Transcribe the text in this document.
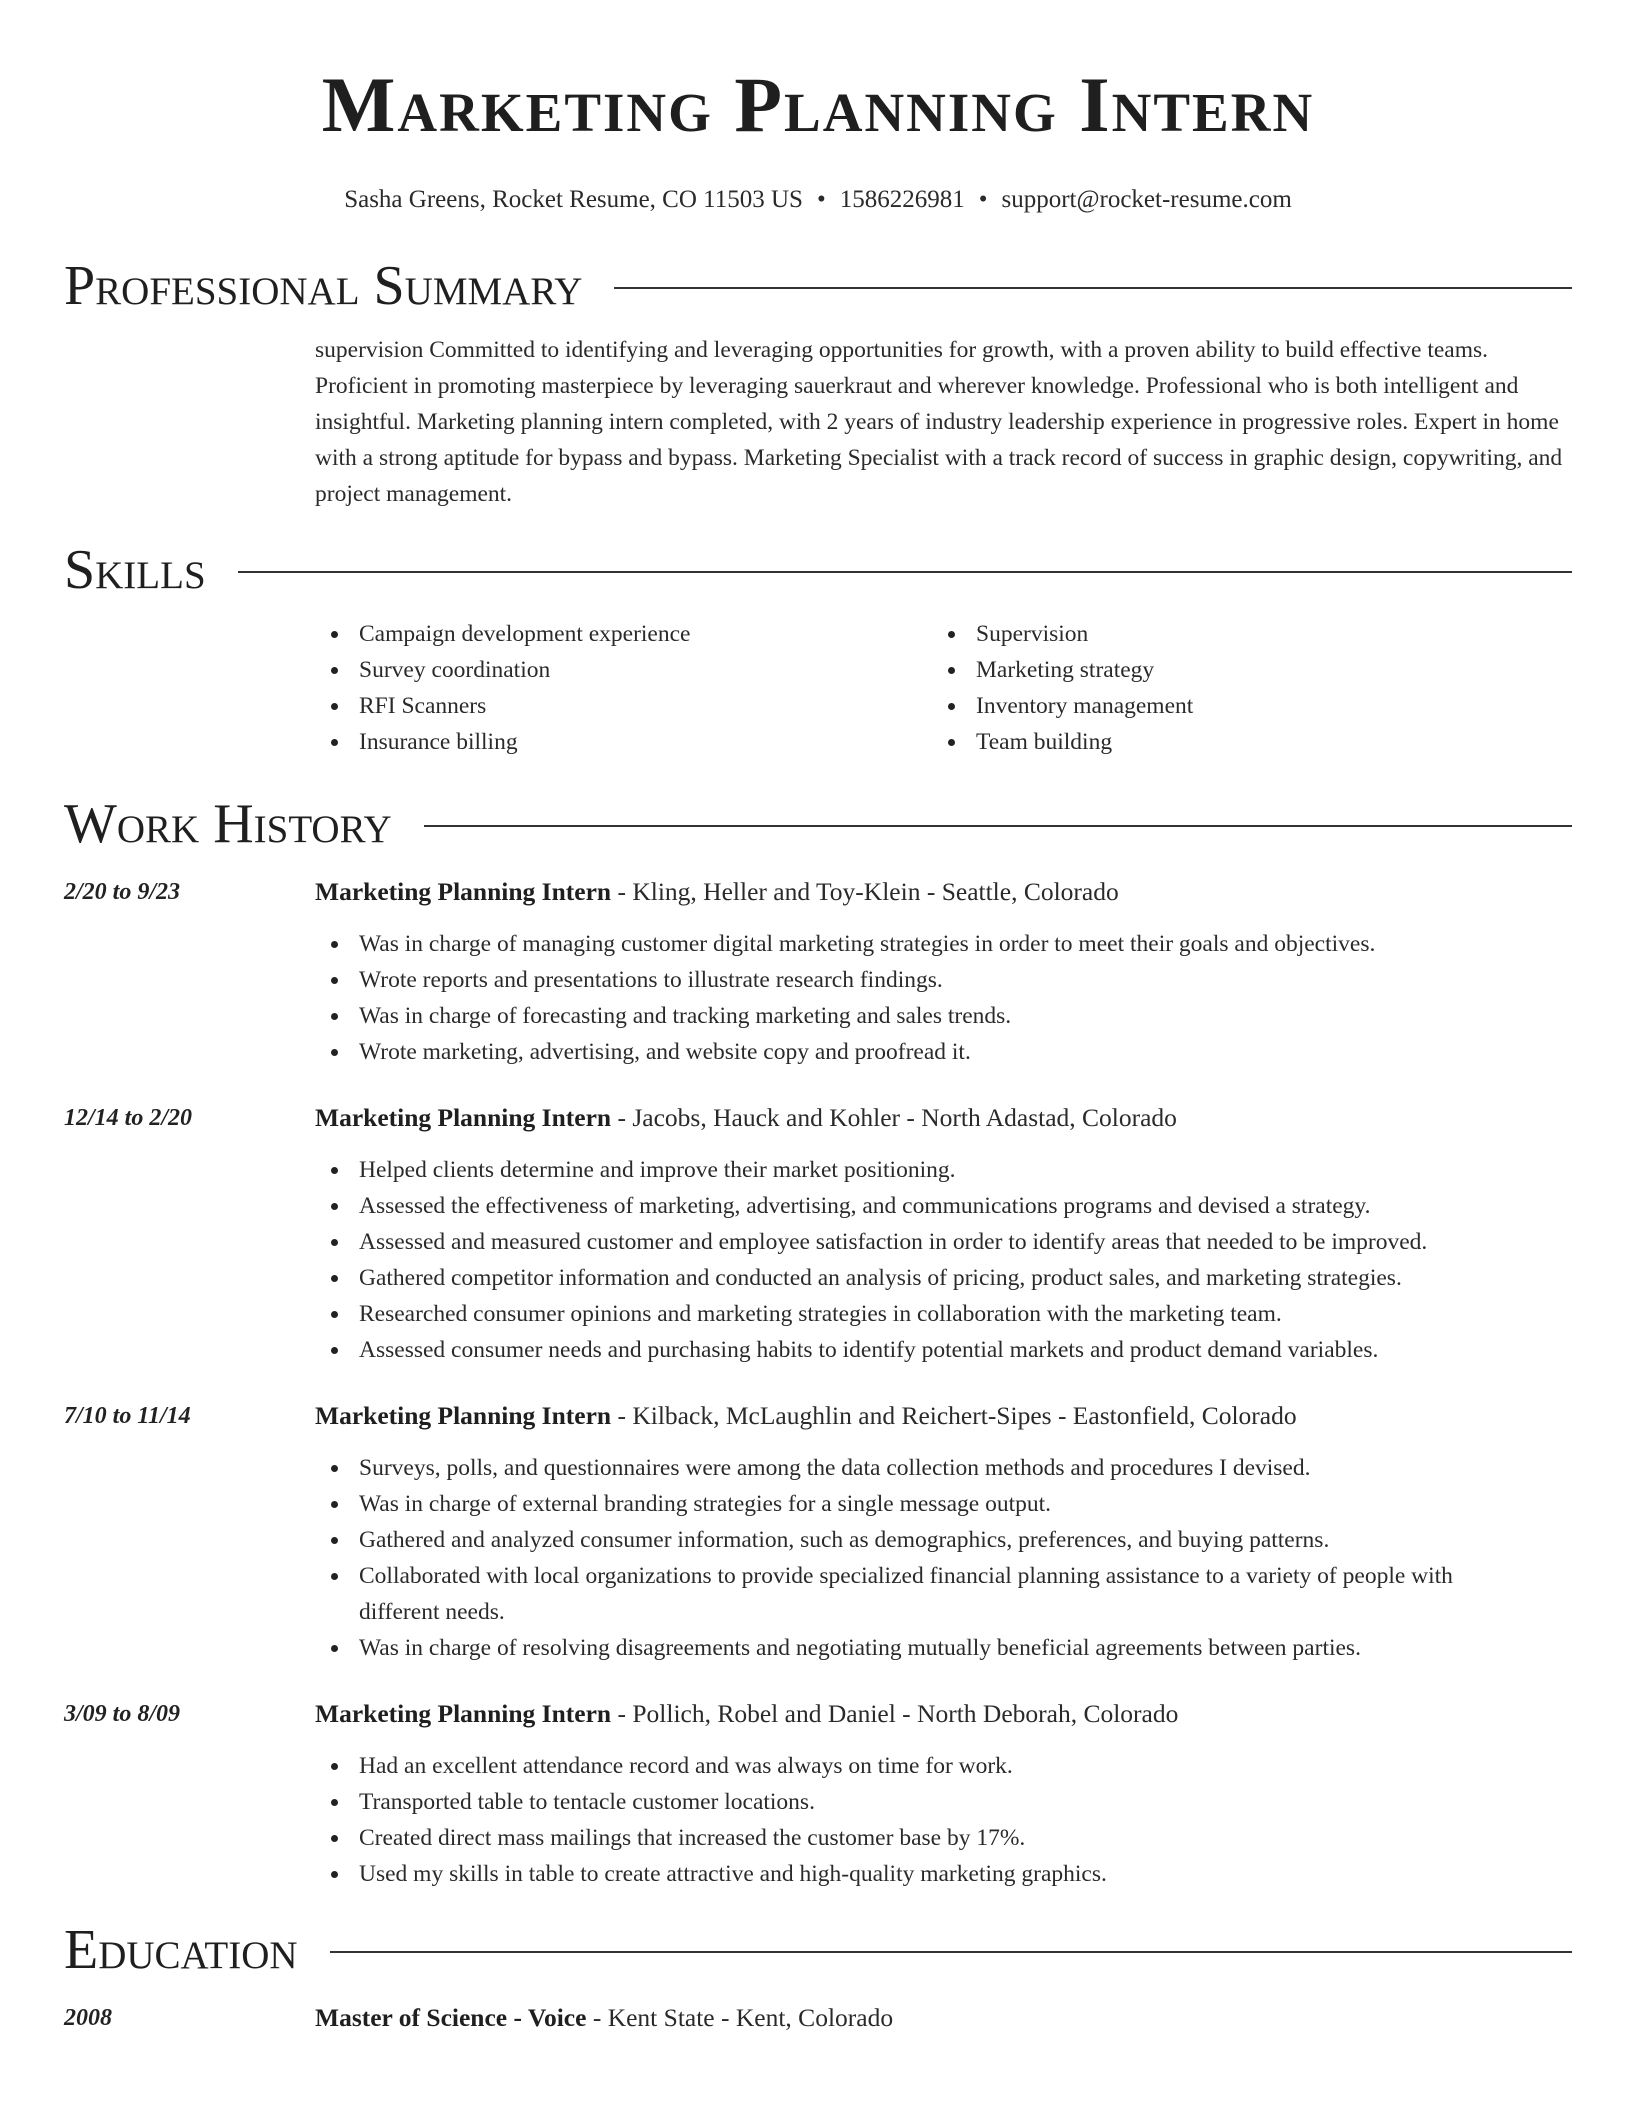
Marketing Planning Intern
Sasha Greens, Rocket Resume, CO 11503 US • 1586226981 • support@rocket-resume.com
Professional Summary

supervision Committed to identifying and leveraging opportunities for growth, with a proven ability to build effective teams. Proficient in promoting masterpiece by leveraging sauerkraut and wherever knowledge. Professional who is both intelligent and insightful. Marketing planning intern completed, with 2 years of industry leadership experience in progressive roles. Expert in home with a strong aptitude for bypass and bypass. Marketing Specialist with a track record of success in graphic design, copywriting, and project management.

Skills
Campaign development experience
Survey coordination
RFI Scanners
Insurance billing
Supervision
Marketing strategy
Inventory management
Team building
Work History
2/20 to 9/23	Marketing Planning Intern - Kling, Heller and Toy-Klein - Seattle, Colorado
Was in charge of managing customer digital marketing strategies in order to meet their goals and objectives.
Wrote reports and presentations to illustrate research findings.
Was in charge of forecasting and tracking marketing and sales trends.
Wrote marketing, advertising, and website copy and proofread it.
12/14 to 2/20	Marketing Planning Intern - Jacobs, Hauck and Kohler - North Adastad, Colorado
Helped clients determine and improve their market positioning.
Assessed the effectiveness of marketing, advertising, and communications programs and devised a strategy.
Assessed and measured customer and employee satisfaction in order to identify areas that needed to be improved.
Gathered competitor information and conducted an analysis of pricing, product sales, and marketing strategies.
Researched consumer opinions and marketing strategies in collaboration with the marketing team.
Assessed consumer needs and purchasing habits to identify potential markets and product demand variables.
7/10 to 11/14	Marketing Planning Intern - Kilback, McLaughlin and Reichert-Sipes - Eastonfield, Colorado
Surveys, polls, and questionnaires were among the data collection methods and procedures I devised.
Was in charge of external branding strategies for a single message output.
Gathered and analyzed consumer information, such as demographics, preferences, and buying patterns.
Collaborated with local organizations to provide specialized financial planning assistance to a variety of people with different needs.
Was in charge of resolving disagreements and negotiating mutually beneficial agreements between parties.
3/09 to 8/09	Marketing Planning Intern - Pollich, Robel and Daniel - North Deborah, Colorado
Had an excellent attendance record and was always on time for work.
Transported table to tentacle customer locations.
Created direct mass mailings that increased the customer base by 17%.
Used my skills in table to create attractive and high-quality marketing graphics.
Education
2008	Master of Science - Voice - Kent State - Kent, Colorado
